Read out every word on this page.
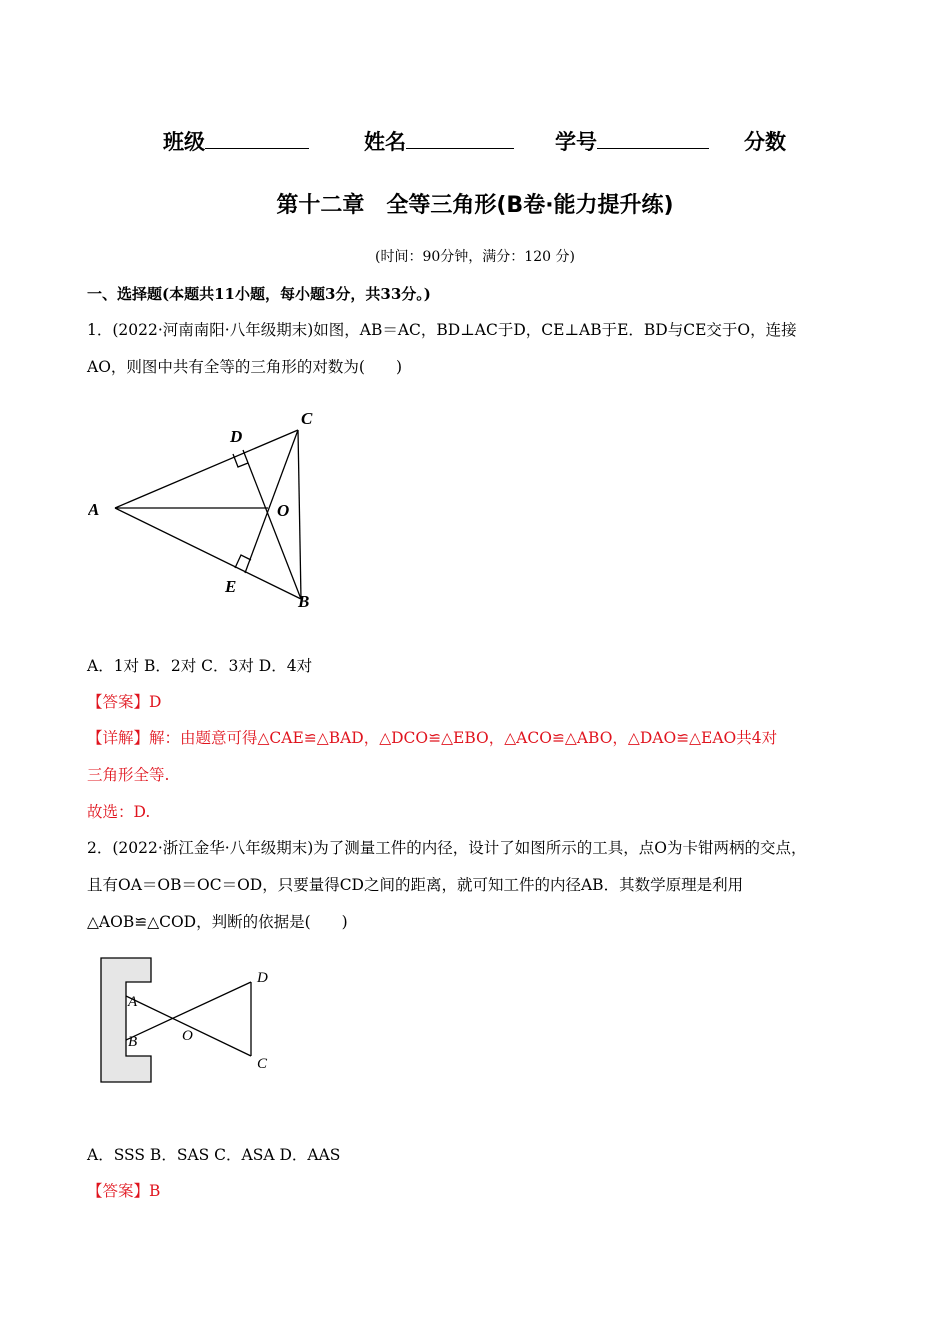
班级	姓名	学号	分数
第十二章　全等三角形(B卷·能力提升练)
(时间：90分钟，满分：120 分)
一、选择题(本题共11小题，每小题3分，共33分。)
1．(2022·河南南阳·八年级期末)如图，AB＝AC，BD⊥AC于D，CE⊥AB于E．BD与CE交于O，连接
AO，则图中共有全等的三角形的对数为(　　)
A
B
C
D
E
O
A．1对 B．2对 C．3对 D．4对
【答案】D
【详解】解：由题意可得△CAE≌△BAD，△DCO≌△EBO，△ACO≌△ABO，△DAO≌△EAO共4对
三角形全等.
故选：D.
2．(2022·浙江金华·八年级期末)为了测量工件的内径，设计了如图所示的工具，点O为卡钳两柄的交点，
且有OA＝OB＝OC＝OD，只要量得CD之间的距离，就可知工件的内径AB．其数学原理是利用
△AOB≌△COD，判断的依据是(　　)
A
B	O
D
C
A．SSS B．SAS C．ASA D．AAS
【答案】B
